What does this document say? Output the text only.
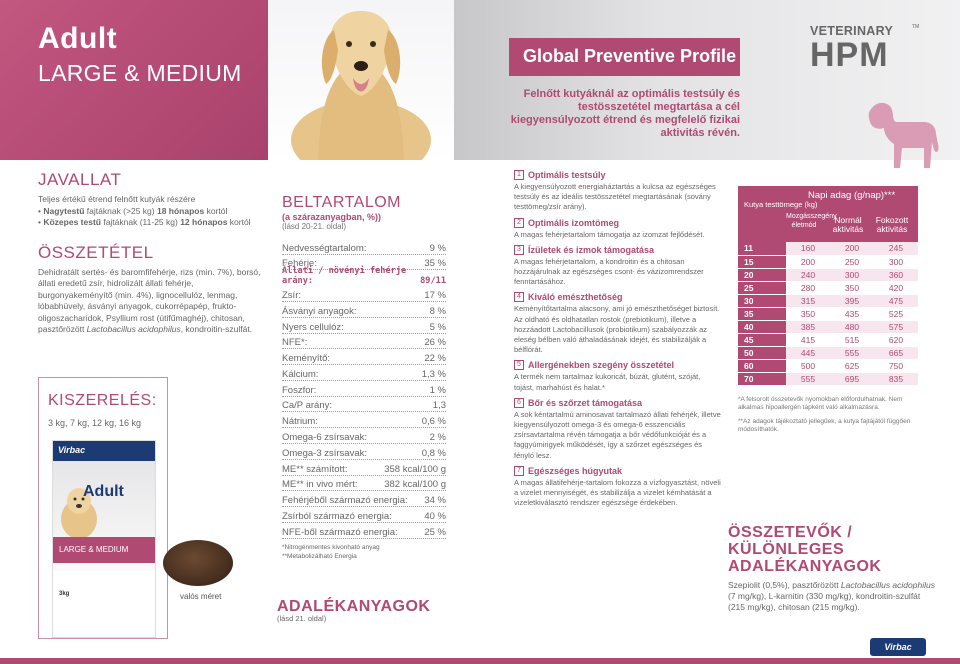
Adult
LARGE & MEDIUM
Global Preventive Profile
Felnőtt kutyáknál az optimális testsúly és testösszetétel megtartása a cél kiegyensúlyozott étrend és megfelelő fizikai aktivitás révén.
VETERINARY	TM
HPM
JAVALLAT
Teljes értékű étrend felnőtt kutyák részére
• Nagytestű fajtáknak (>25 kg) 18 hónapos kortól
• Közepes testű fajtáknak (11-25 kg) 12 hónapos kortól
ÖSSZETÉTEL
Dehidratált sertés- és baromfifehérje, rizs (min. 7%), borsó, állati eredetű zsír, hidrolizált állati fehérje, burgonyakeményítő (min. 4%), lignocellulóz, lenmag, lóbabhüvely, ásványi anyagok, cukorrépapép, frukto-oligoszacharidok, Psyllium rost (útifűmaghéj), chitosan, pasztőrözött Lactobacillus acidophilus, kondroitin-szulfát.
KISZERELÉS:
3 kg, 7 kg, 12 kg, 16 kg
Virbac
Adult
LARGE & MEDIUM
3kg	valós méret
BELTARTALOM
(a szárazanyagban, %))
(lásd 20-21. oldal)
Nedvességtartalom:	9 %
Fehérje:	35 %
Állati / növényi fehérje arány:	89/11
Zsír:	17 %
Ásványi anyagok:	8 %
Nyers cellulóz:	5 %
NFE*:	26 %
Keményítő:	22 %
Kálcium:	1,3 %
Foszfor:	1 %
Ca/P arány:	1,3
Nátrium:	0,6 %
Omega-6 zsírsavak:	2 %
Omega-3 zsírsavak:	0,8 %
ME** számított:	358 kcal/100 g
ME** in vivo mért:	382 kcal/100 g
Fehérjéből származó energia: 34 %
Zsírból származó energia:	40 %
NFE-ből származó energia:	25 %
*Nitrogénmentes kivonható anyag
**Metabolizálható Energia
ADALÉKANYAGOK
(lásd 21. oldal)
1 Optimális testsúly
A kiegyensúlyozott energiaháztartás a kulcsa az egészséges testsúly és az ideális testösszetétel megtartásának (sovány testtömeg/zsír arány).
2 Optimális izomtömeg
A magas fehérjetartalom támogatja az izomzat fejlődését.
3 Ízületek és izmok támogatása
A magas fehérjetartalom, a kondroitin és a chitosan hozzájárulnak az egészséges csont- és vázizomrendszer fenntartásához.
4 Kiváló emészthetőség
Keményítőtartalma alacsony, ami jó emészthetőséget biztosít. Az oldható és oldhatatlan rostok (prebiotikum), illetve a hozzáadott Lactobacillusok (probiotikum) szabályozzák az eleség bélben való áthaladásának idejét, és stabilizálják a bélflórát.
5 Allergénekben szegény összetétel
A termék nem tartalmaz kukoricát, búzát, glutént, szóját, tojást, marhahúst és halat.*
6 Bőr és szőrzet támogatása
A sok kéntartalmú aminosavat tartalmazó állati fehérjék, illetve kiegyensúlyozott omega-3 és omega-6 esszenciális zsírsavtartalma révén támogatja a bőr védőfunkcióját és a faggyúmirigyek működését, így a szőrzet egészséges és fényló lesz.
7 Egészséges húgyutak
A magas állatifehérje-tartalom fokozza a vízfogyasztást, növeli a vizelet mennyiségét, és stabilizálja a vizelet kémhatását a vizeletkiválasztó rendszer egészsége érdekében.
Kutya testtömege (kg)
Napi adag (g/nap)***
Mozgásszegény életmód
Normál aktivitás
Fokozott aktivitás
11	160	200	245
15	200	250	300
20	240	300	360
25	280	350	420
30	315	395	475
35	350	435	525
40	385	480	575
45	415	515	620
50	445	555	665
60	500	625	750
70	555	695	835
*A felsorolt összetevők nyomokban előfordulhatnak. Nem alkalmas hipoallergén tápként való alkalmazásra.
**Az adagok tájékoztató jellegűek, a kutya fajtájától függően módosíthatók.
ÖSSZETEVŐK / KÜLÖNLEGES ADALÉKANYAGOK
Szepiolit (0,5%), pasztőrözött Lactobacillus acidophilus (7 mg/kg), L-karnitin (330 mg/kg), kondroitin-szulfát (215 mg/kg), chitosan (215 mg/kg).
Virbac
